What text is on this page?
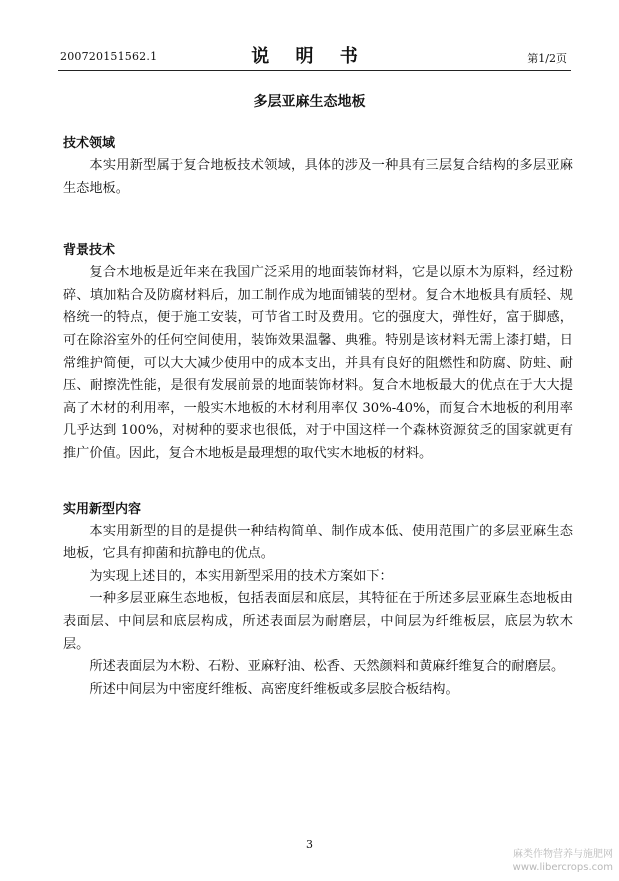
200720151562.1	说 明 书	第1/2页
多层亚麻生态地板

技术领域

本实用新型属于复合地板技术领域，具体的涉及一种具有三层复合结构的多层亚麻生态地板。

背景技术

复合木地板是近年来在我国广泛采用的地面装饰材料，它是以原木为原料，经过粉碎、填加粘合及防腐材料后，加工制作成为地面铺装的型材。复合木地板具有质轻、规格统一的特点，便于施工安装，可节省工时及费用。它的强度大，弹性好，富于脚感，可在除浴室外的任何空间使用，装饰效果温馨、典雅。特别是该材料无需上漆打蜡，日常维护简便，可以大大减少使用中的成本支出，并具有良好的阻燃性和防腐、防蛀、耐压、耐擦洗性能，是很有发展前景的地面装饰材料。复合木地板最大的优点在于大大提高了木材的利用率，一般实木地板的木材利用率仅 30%-40%，而复合木地板的利用率几乎达到 100%，对树种的要求也很低，对于中国这样一个森林资源贫乏的国家就更有推广价值。因此，复合木地板是最理想的取代实木地板的材料。

实用新型内容

本实用新型的目的是提供一种结构简单、制作成本低、使用范围广的多层亚麻生态地板，它具有抑菌和抗静电的优点。

为实现上述目的，本实用新型采用的技术方案如下：

一种多层亚麻生态地板，包括表面层和底层，其特征在于所述多层亚麻生态地板由表面层、中间层和底层构成，所述表面层为耐磨层，中间层为纤维板层，底层为软木层。

所述表面层为木粉、石粉、亚麻籽油、松香、天然颜料和黄麻纤维复合的耐磨层。

所述中间层为中密度纤维板、高密度纤维板或多层胶合板结构。

3
麻类作物营养与施肥网
www.libercrops.com
